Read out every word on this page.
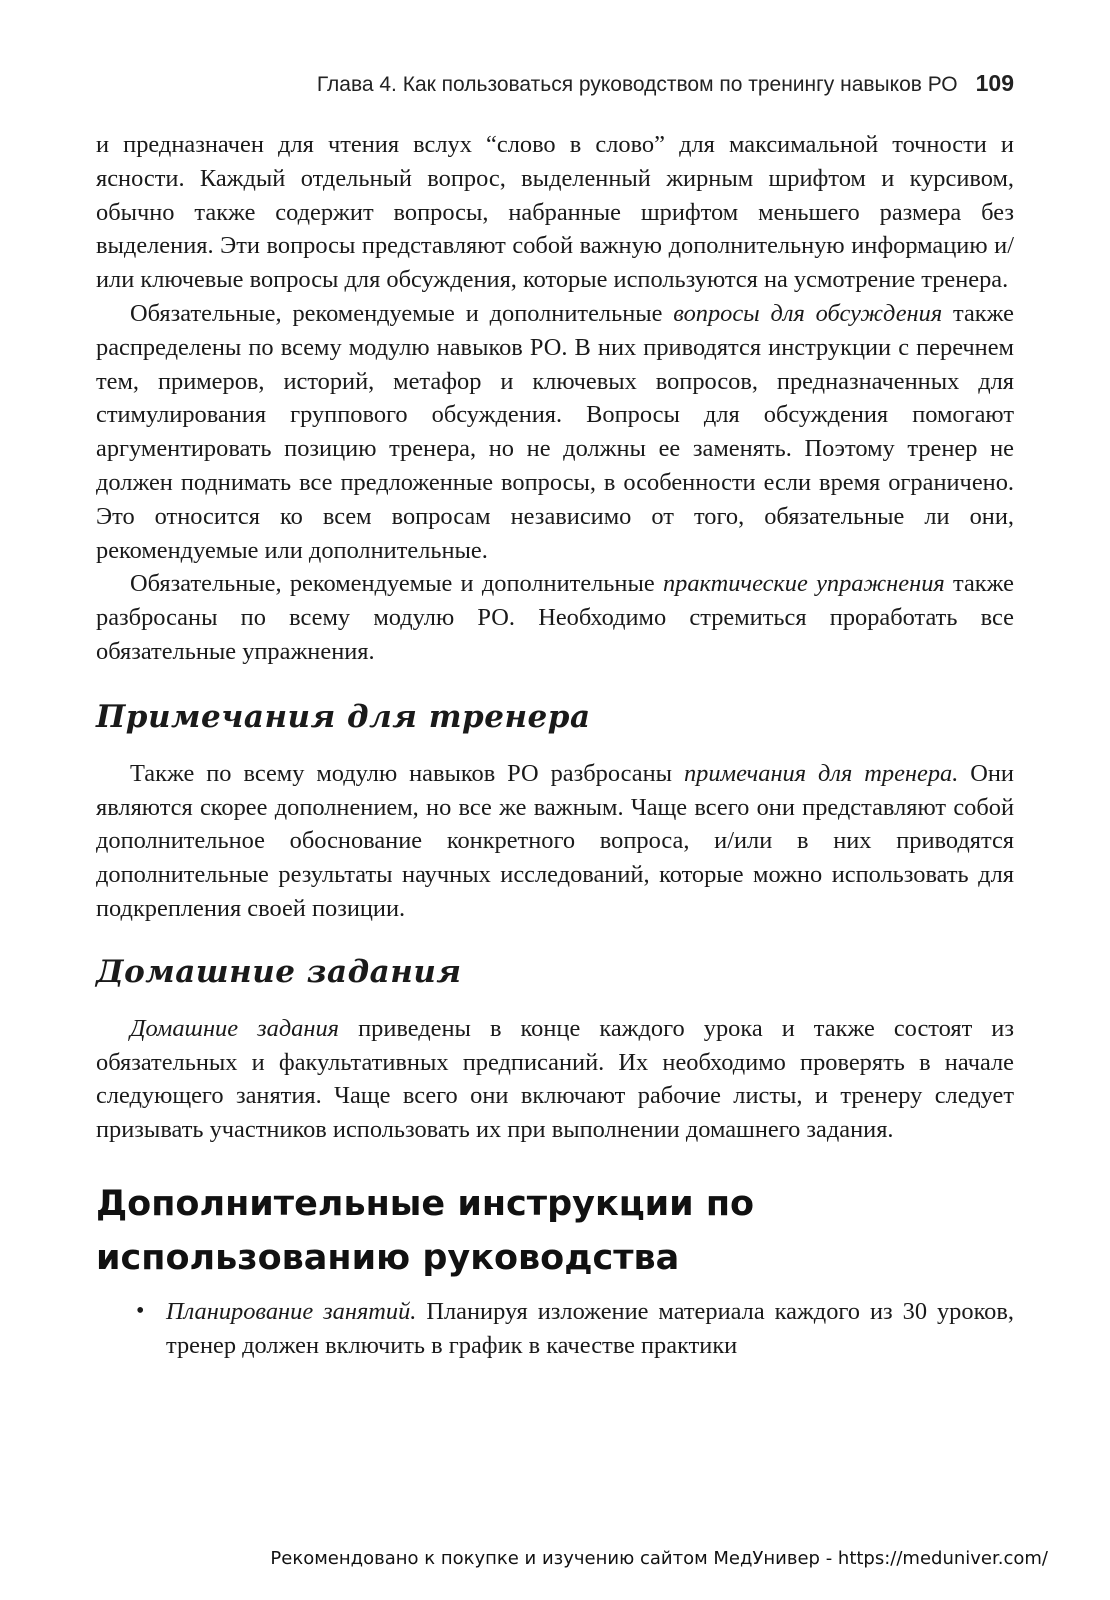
Глава 4. Как пользоваться руководством по тренингу навыков РО 109

и предназначен для чтения вслух “слово в слово” для максимальной точности и ясности. Каждый отдельный вопрос, выделенный жирным шрифтом и курсивом, обычно также содержит вопросы, набранные шрифтом меньшего размера без выделения. Эти вопросы представляют собой важную дополнительную информацию и/или ключевые вопросы для обсуждения, которые используются на усмотрение тренера.

Обязательные, рекомендуемые и дополнительные вопросы для обсуждения также распределены по всему модулю навыков РО. В них приводятся инструкции с перечнем тем, примеров, историй, метафор и ключевых вопросов, предназначенных для стимулирования группового обсуждения. Вопросы для обсуждения помогают аргументировать позицию тренера, но не должны ее заменять. Поэтому тренер не должен поднимать все предложенные вопросы, в особенности если время ограничено. Это относится ко всем вопросам независимо от того, обязательные ли они, рекомендуемые или дополнительные.

Обязательные, рекомендуемые и дополнительные практические упражнения также разбросаны по всему модулю РО. Необходимо стремиться проработать все обязательные упражнения.

Примечания для тренера

Также по всему модулю навыков РО разбросаны примечания для тренера. Они являются скорее дополнением, но все же важным. Чаще всего они представляют собой дополнительное обоснование конкретного вопроса, и/или в них приводятся дополнительные результаты научных исследований, которые можно использовать для подкрепления своей позиции.

Домашние задания

Домашние задания приведены в конце каждого урока и также состоят из обязательных и факультативных предписаний. Их необходимо проверять в начале следующего занятия. Чаще всего они включают рабочие листы, и тренеру следует призывать участников использовать их при выполнении домашнего задания.

Дополнительные инструкции по использованию руководства
• Планирование занятий. Планируя изложение материала каждого из 30 уроков, тренер должен включить в график в качестве практики
Рекомендовано к покупке и изучению сайтом МедУнивер - https://meduniver.com/
